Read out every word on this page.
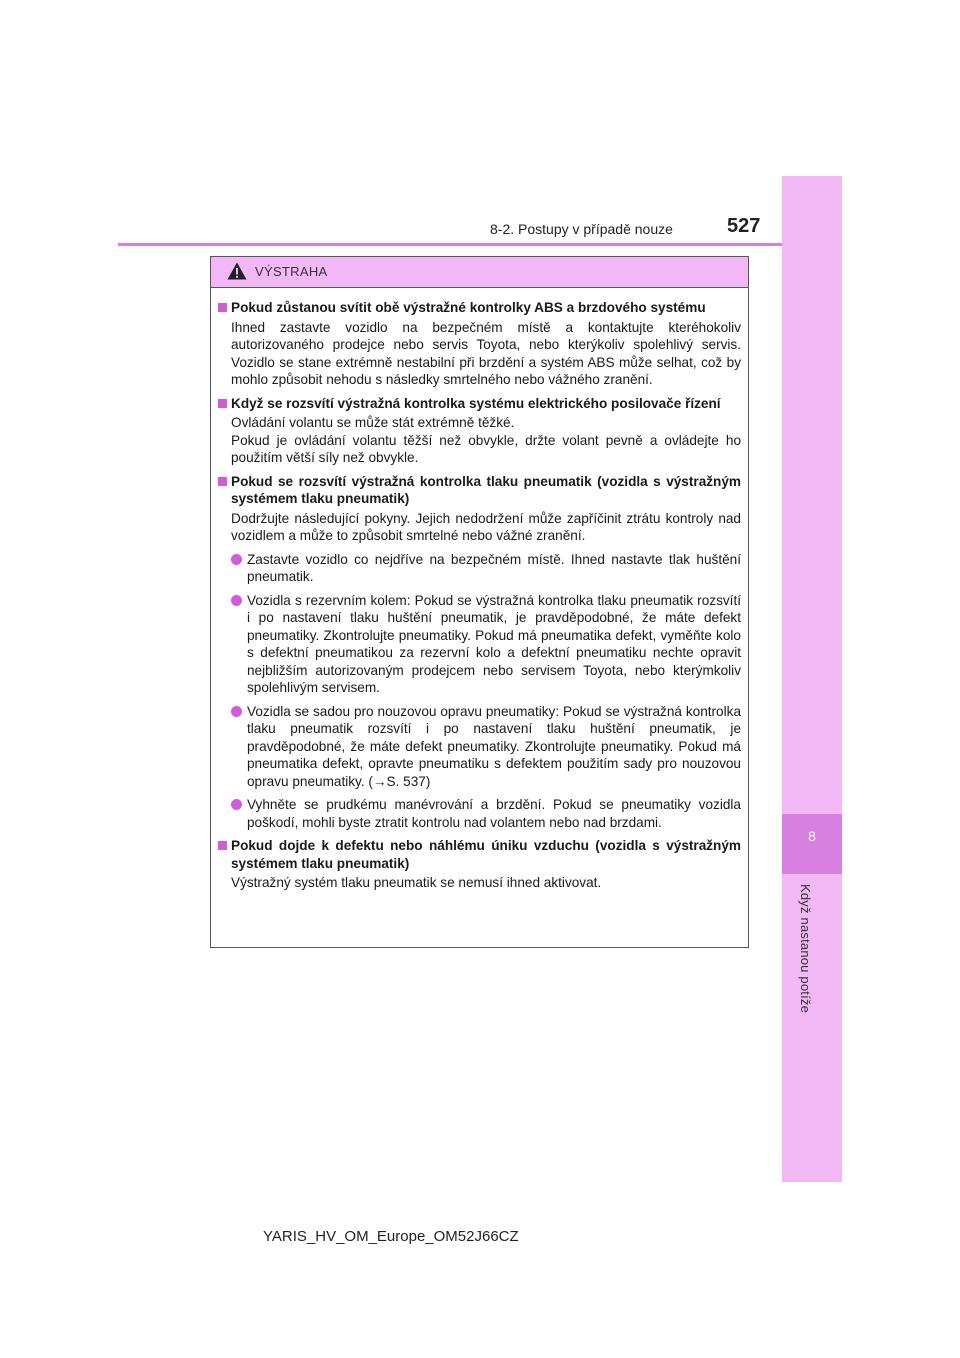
8
Když nastanou potíže
8-2. Postupy v případě nouze	527
VÝSTRAHA
Pokud zůstanou svítit obě výstražné kontrolky ABS a brzdového systému
Ihned zastavte vozidlo na bezpečném místě a kontaktujte kteréhokoliv autorizovaného prodejce nebo servis Toyota, nebo kterýkoliv spolehlivý servis. Vozidlo se stane extrémně nestabilní při brzdění a systém ABS může selhat, což by mohlo způsobit nehodu s následky smrtelného nebo vážného zranění.
Když se rozsvítí výstražná kontrolka systému elektrického posilovače řízení
Ovládání volantu se může stát extrémně těžké.
Pokud je ovládání volantu těžší než obvykle, držte volant pevně a ovládejte ho použitím větší síly než obvykle.
Pokud se rozsvítí výstražná kontrolka tlaku pneumatik (vozidla s výstražným systémem tlaku pneumatik)
Dodržujte následující pokyny. Jejich nedodržení může zapříčinit ztrátu kontroly nad vozidlem a může to způsobit smrtelné nebo vážné zranění.
Zastavte vozidlo co nejdříve na bezpečném místě. Ihned nastavte tlak huštění pneumatik.
Vozidla s rezervním kolem: Pokud se výstražná kontrolka tlaku pneumatik rozsvítí i po nastavení tlaku huštění pneumatik, je pravděpodobné, že máte defekt pneumatiky. Zkontrolujte pneumatiky. Pokud má pneumatika defekt, vyměňte kolo s defektní pneumatikou za rezervní kolo a defektní pneumatiku nechte opravit nejbližším autorizovaným prodejcem nebo servisem Toyota, nebo kterýmkoliv spolehlivým servisem.
Vozidla se sadou pro nouzovou opravu pneumatiky: Pokud se výstražná kontrolka tlaku pneumatik rozsvítí i po nastavení tlaku huštění pneumatik, je pravděpodobné, že máte defekt pneumatiky. Zkontrolujte pneumatiky. Pokud má pneumatika defekt, opravte pneumatiku s defektem použitím sady pro nouzovou opravu pneumatiky. (→S. 537)
Vyhněte se prudkému manévrování a brzdění. Pokud se pneumatiky vozidla poškodí, mohli byste ztratit kontrolu nad volantem nebo nad brzdami.
Pokud dojde k defektu nebo náhlému úniku vzduchu (vozidla s výstražným systémem tlaku pneumatik)
Výstražný systém tlaku pneumatik se nemusí ihned aktivovat.
YARIS_HV_OM_Europe_OM52J66CZ
